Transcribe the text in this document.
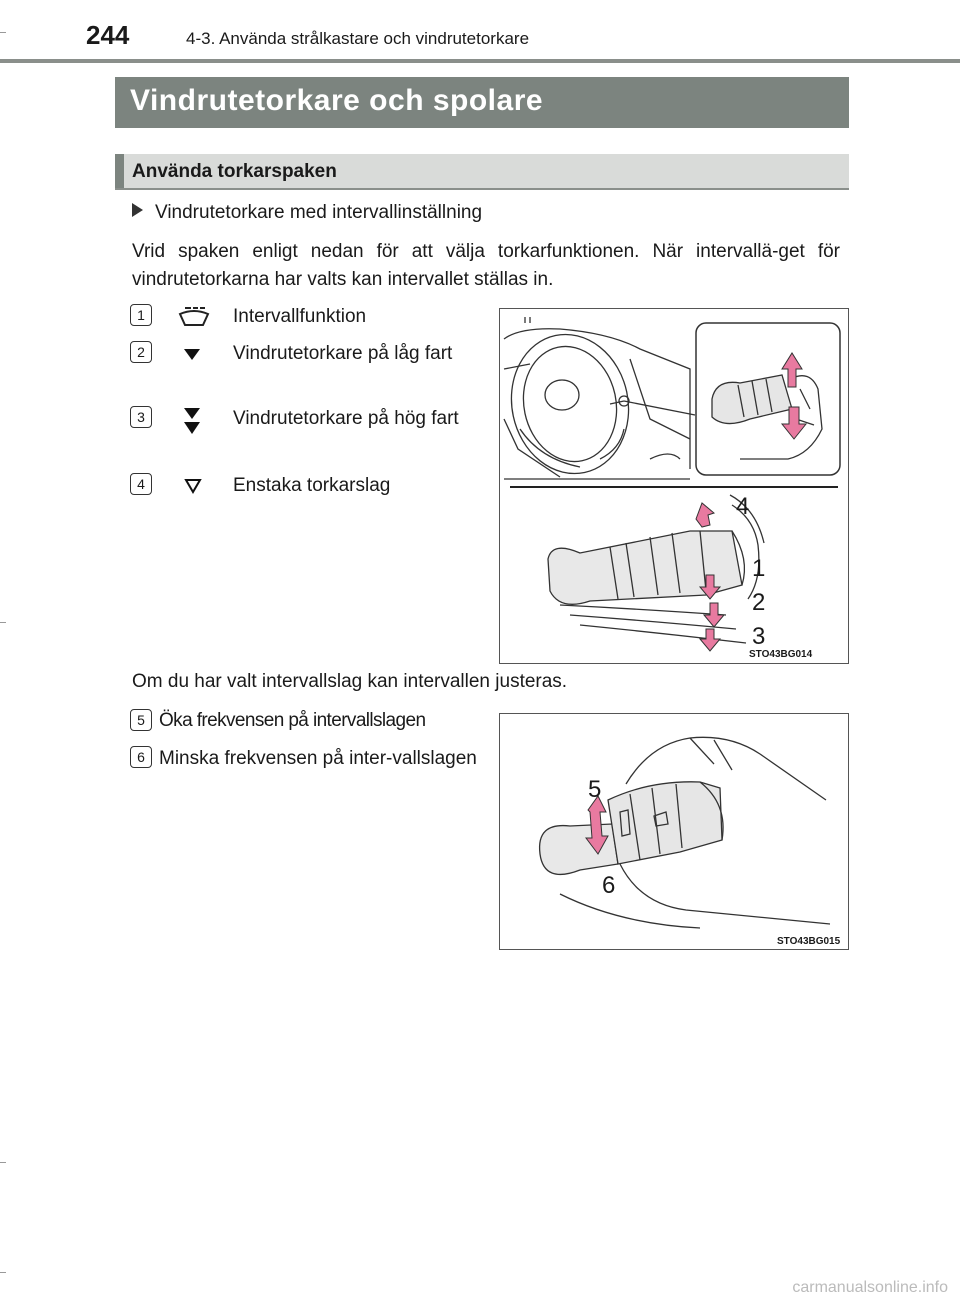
244	4-3. Använda strålkastare och vindrutetorkare
Vindrutetorkare och spolare
Använda torkarspaken
Vindrutetorkare med intervallinställning
Vrid spaken enligt nedan för att välja torkarfunktionen. När intervallä-get för vindrutetorkarna har valts kan intervallet ställas in.
1	Intervallfunktion
2	Vindrutetorkare på låg fart
3	Vindrutetorkare på hög fart
4	Enstaka torkarslag
4
1
2
3
STO43BG014
Om du har valt intervallslag kan intervallen justeras.
5 Öka frekvensen på intervallslagen
6 Minska frekvensen på inter-vallslagen
5
6
STO43BG015
carmanualsonline.info
